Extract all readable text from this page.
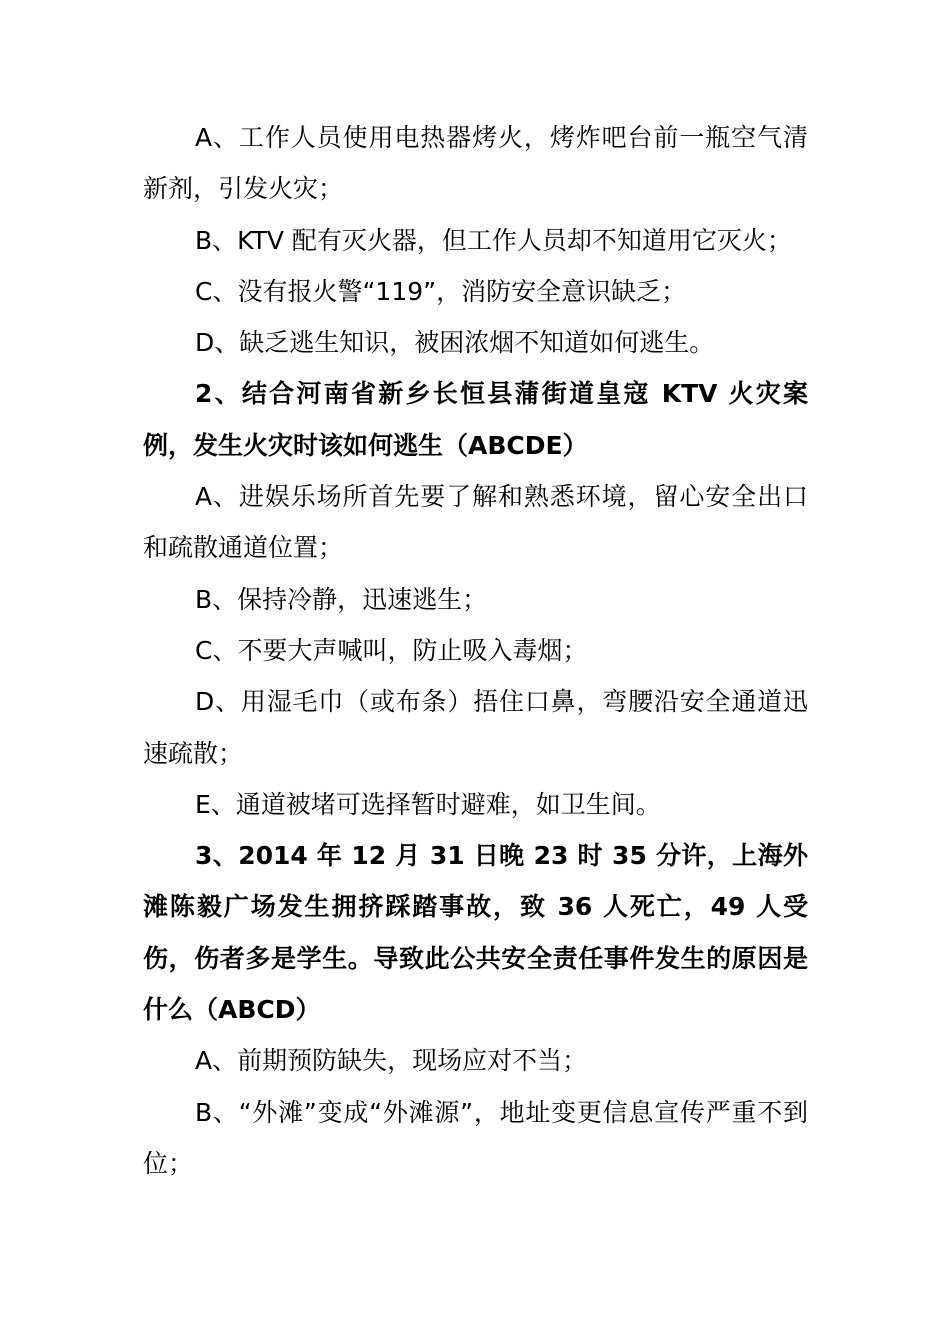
A、工作人员使用电热器烤火，烤炸吧台前一瓶空气清新剂，引发火灾；

B、KTV 配有灭火器，但工作人员却不知道用它灭火；

C、没有报火警“119”，消防安全意识缺乏；

D、缺乏逃生知识，被困浓烟不知道如何逃生。

2、结合河南省新乡长恒县蒲街道皇寇 KTV 火灾案例，发生火灾时该如何逃生（ABCDE）

A、进娱乐场所首先要了解和熟悉环境，留心安全出口和疏散通道位置；

B、保持冷静，迅速逃生；

C、不要大声喊叫，防止吸入毒烟；

D、用湿毛巾（或布条）捂住口鼻，弯腰沿安全通道迅速疏散；

E、通道被堵可选择暂时避难，如卫生间。

3、2014 年 12 月 31 日晚 23 时 35 分许，上海外滩陈毅广场发生拥挤踩踏事故，致 36 人死亡，49 人受伤，伤者多是学生。导致此公共安全责任事件发生的原因是什么（ABCD）

A、前期预防缺失，现场应对不当；

B、“外滩”变成“外滩源”，地址变更信息宣传严重不到位；
